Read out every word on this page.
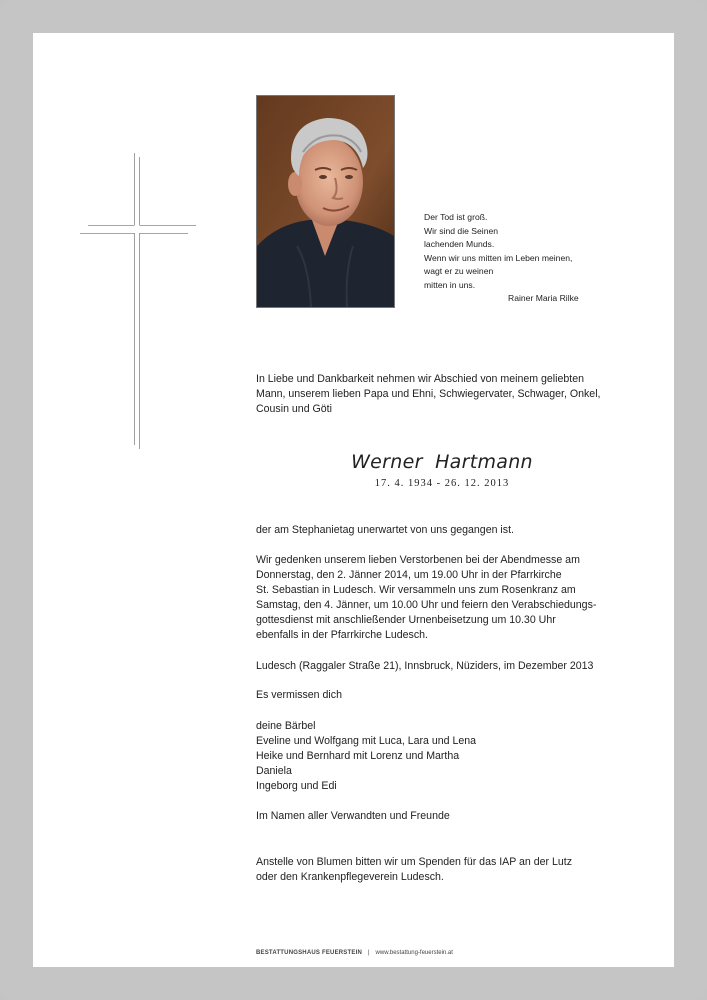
Der Tod ist groß.
Wir sind die Seinen
lachenden Munds.
Wenn wir uns mitten im Leben meinen,
wagt er zu weinen
mitten in uns.
Rainer Maria Rilke
In Liebe und Dankbarkeit nehmen wir Abschied von meinem geliebten
Mann, unserem lieben Papa und Ehni, Schwiegervater, Schwager, Onkel,
Cousin und Göti
Werner Hartmann
17. 4. 1934 - 26. 12. 2013
der am Stephanietag unerwartet von uns gegangen ist.
Wir gedenken unserem lieben Verstorbenen bei der Abendmesse am
Donnerstag, den 2. Jänner 2014, um 19.00 Uhr in der Pfarrkirche
St. Sebastian in Ludesch. Wir versammeln uns zum Rosenkranz am
Samstag, den 4. Jänner, um 10.00 Uhr und feiern den Verabschiedungs-
gottesdienst mit anschließender Urnenbeisetzung um 10.30 Uhr
ebenfalls in der Pfarrkirche Ludesch.
Ludesch (Raggaler Straße 21), Innsbruck, Nüziders, im Dezember 2013
Es vermissen dich
deine Bärbel
Eveline und Wolfgang mit Luca, Lara und Lena
Heike und Bernhard mit Lorenz und Martha
Daniela
Ingeborg und Edi
Im Namen aller Verwandten und Freunde
Anstelle von Blumen bitten wir um Spenden für das IAP an der Lutz
oder den Krankenpflegeverein Ludesch.
BESTATTUNGSHAUS FEUERSTEIN | www.bestattung-feuerstein.at
